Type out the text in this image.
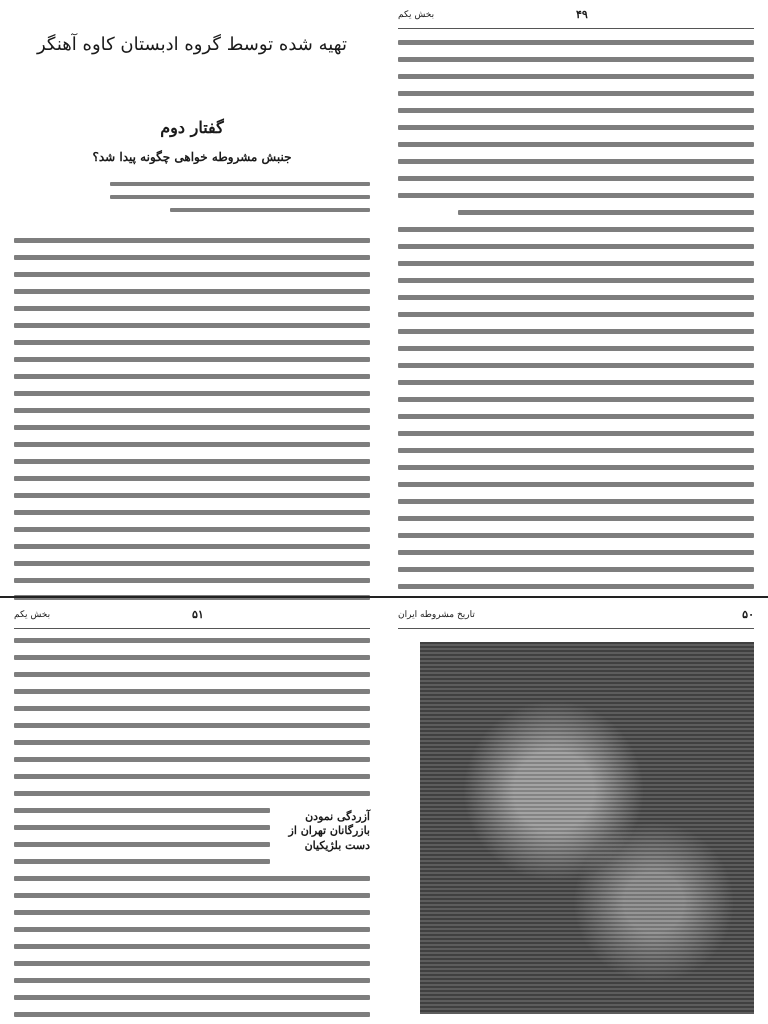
بخش یکم	۴۹
تهیه شده توسط گروه ادبستان کاوه آهنگر
گفتار دوم
جنبش مشروطه خواهی چگونه پیدا شد؟
بخش یکم	۵۱
آزردگی نمودن بازرگانان تهران از دست بلژیکیان
تاریخ مشروطه ایران	۵۰
